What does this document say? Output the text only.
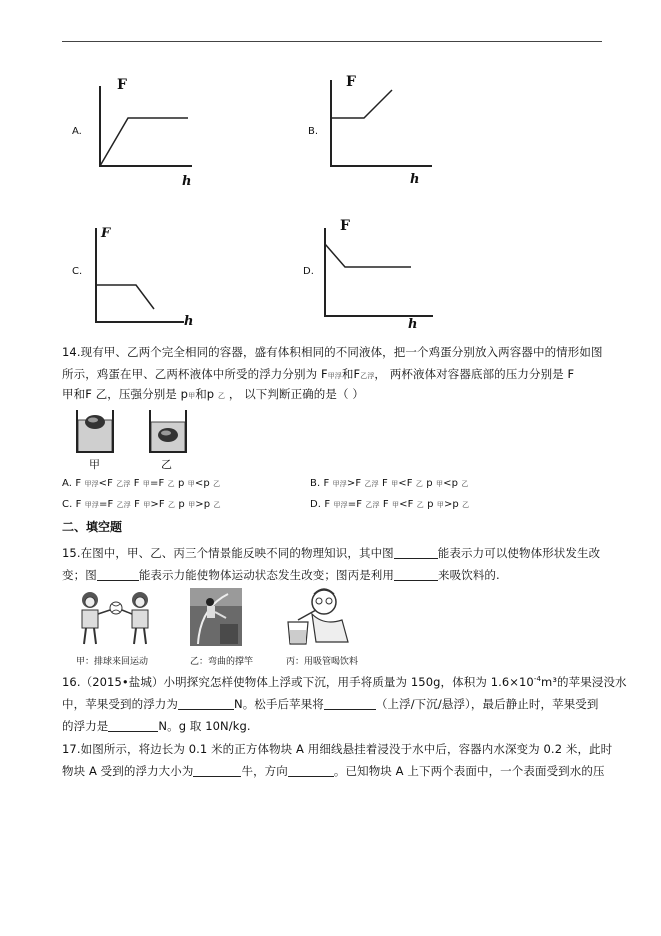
A.
F
h
B.
F
h
C.
F
h
D.
F
h
14.现有甲、乙两个完全相同的容器，盛有体积相同的不同液体，把一个鸡蛋分别放入两容器中的情形如图
所示，鸡蛋在甲、乙两杯液体中所受的浮力分别为 F甲浮和F乙浮， 两杯液体对容器底部的压力分别是 F
甲和F 乙，压强分别是 p甲和p 乙 ， 以下判断正确的是（ ）
甲	乙
A. F 甲浮<F 乙浮 F 甲=F 乙 p 甲<p 乙	B. F 甲浮>F 乙浮 F 甲<F 乙 p 甲<p 乙
C. F 甲浮=F 乙浮 F 甲>F 乙 p 甲>p 乙	D. F 甲浮=F 乙浮 F 甲<F 乙 p 甲>p 乙
二、填空题
15.在图中，甲、乙、丙三个情景能反映不同的物理知识，其中图	能表示力可以使物体形状发生改
变；图	能表示力能使物体运动状态发生改变；图丙是利用	来吸饮料的.
甲：排球来回运动	乙：弯曲的撑竿	丙：用吸管喝饮料
16.（2015•盐城）小明探究怎样使物体上浮或下沉，用手将质量为 150g，体积为 $1.6\times 10^{-4}m^3$的苹果浸没水
中，苹果受到的浮力为	N。松手后苹果将	（上浮/下沉/悬浮），最后静止时，苹果受到
的浮力是	N。g 取 10N/kg.
17.如图所示，将边长为 0.1 米的正方体物块 A 用细线悬挂着浸没于水中后，容器内水深变为 0.2 米，此时
物块 A 受到的浮力大小为	牛，方向	。已知物块 A 上下两个表面中，一个表面受到水的压
